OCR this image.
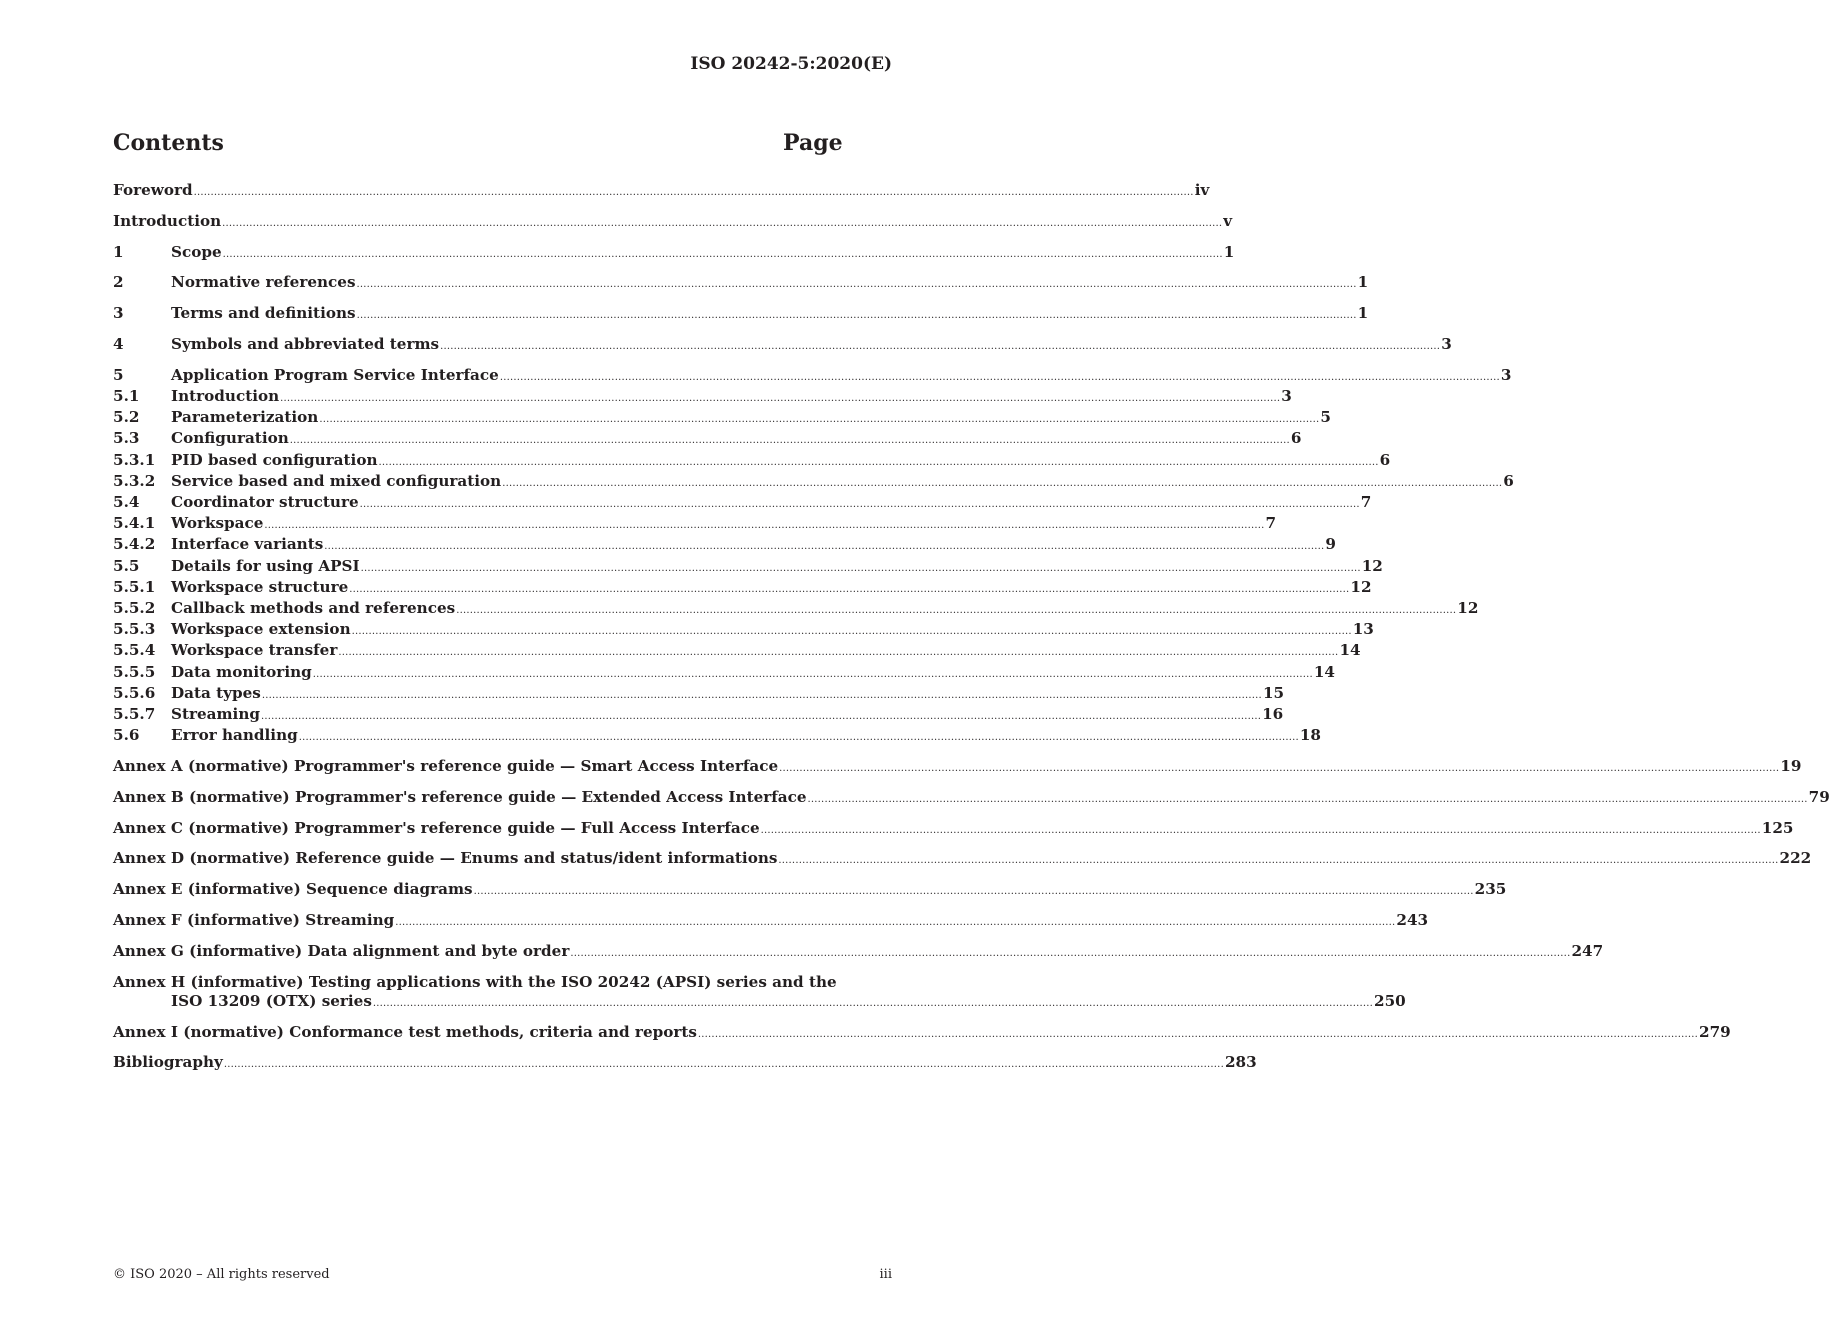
ISO 20242-5:2020(E)
Contents	Page
Foreword .....	iv
Introduction .....	v
1	Scope .....	1
2	Normative references .....	1
3	Terms and definitions .....	1
4	Symbols and abbreviated terms .....	3
5	Application Program Service Interface .....	3
5.1	Introduction .....	3
5.2	Parameterization .....	5
5.3	Configuration .....	6
5.3.1	PID based configuration .....	6
5.3.2	Service based and mixed configuration .....	6
5.4	Coordinator structure .....	7
5.4.1	Workspace .....	7
5.4.2	Interface variants .....	9
5.5	Details for using APSI .....	12
5.5.1	Workspace structure .....	12
5.5.2	Callback methods and references .....	12
5.5.3	Workspace extension .....	13
5.5.4	Workspace transfer .....	14
5.5.5	Data monitoring .....	14
5.5.6	Data types .....	15
5.5.7	Streaming .....	16
5.6	Error handling .....	18
Annex A (normative) Programmer's reference guide — Smart Access Interface .....	19
Annex B (normative) Programmer's reference guide — Extended Access Interface .....	79
Annex C (normative) Programmer's reference guide — Full Access Interface .....	125
Annex D (normative) Reference guide — Enums and status/ident informations .....	222
Annex E (informative) Sequence diagrams .....	235
Annex F (informative) Streaming .....	243
Annex G (informative) Data alignment and byte order .....	247
Annex H (informative) Testing applications with the ISO 20242 (APSI) series and the
ISO 13209 (OTX) series .....	250
Annex I (normative) Conformance test methods, criteria and reports .....	279
Bibliography .....	283
© ISO 2020 – All rights reserved	iii
